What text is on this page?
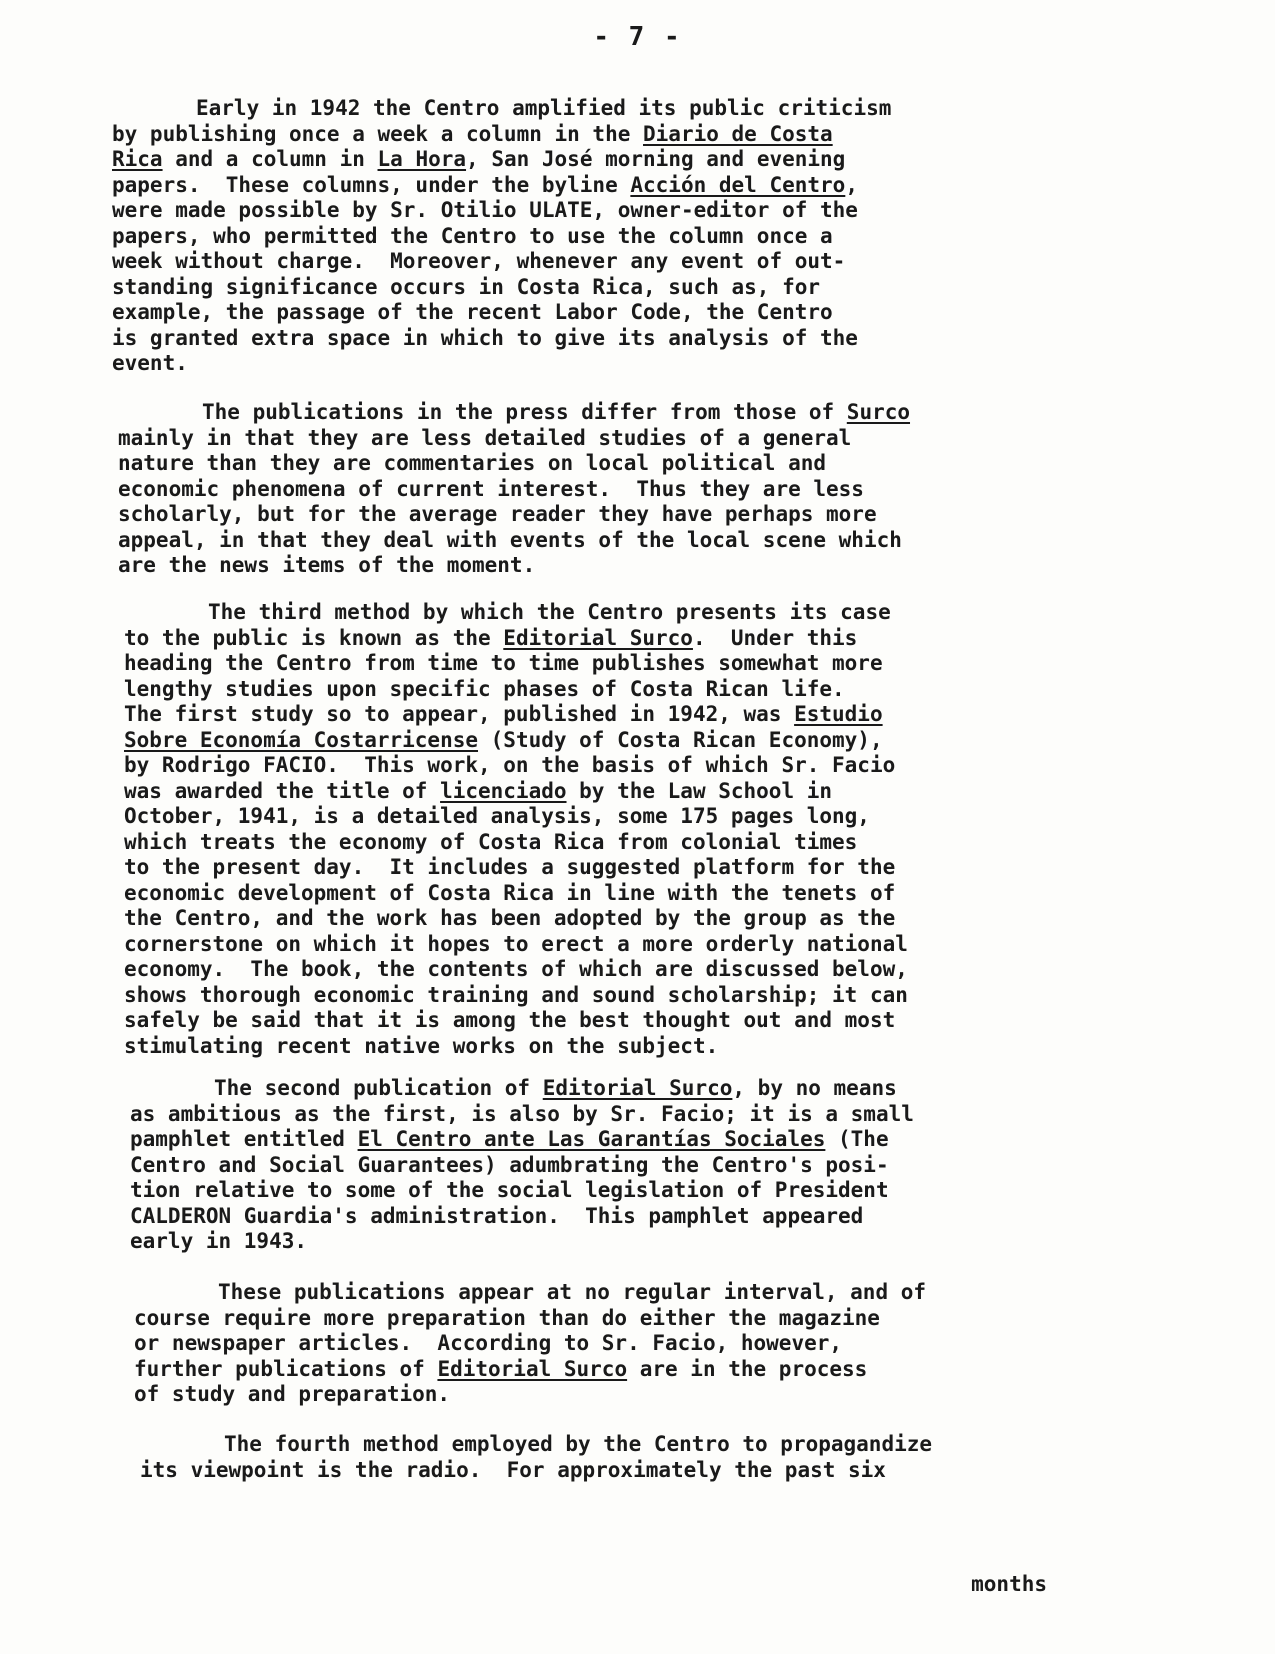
- 7 -

Early in 1942 the Centro amplified its public criticism
by publishing once a week a column in the Diario de Costa
Rica and a column in La Hora, San José morning and evening
papers.  These columns, under the byline Acción del Centro,
were made possible by Sr. Otilio ULATE, owner-editor of the
papers, who permitted the Centro to use the column once a
week without charge.  Moreover, whenever any event of out-
standing significance occurs in Costa Rica, such as, for
example, the passage of the recent Labor Code, the Centro
is granted extra space in which to give its analysis of the
event.

The publications in the press differ from those of Surco
mainly in that they are less detailed studies of a general
nature than they are commentaries on local political and
economic phenomena of current interest.  Thus they are less
scholarly, but for the average reader they have perhaps more
appeal, in that they deal with events of the local scene which
are the news items of the moment.

The third method by which the Centro presents its case
to the public is known as the Editorial Surco.  Under this
heading the Centro from time to time publishes somewhat more
lengthy studies upon specific phases of Costa Rican life.
The first study so to appear, published in 1942, was Estudio
Sobre Economía Costarricense (Study of Costa Rican Economy),
by Rodrigo FACIO.  This work, on the basis of which Sr. Facio
was awarded the title of licenciado by the Law School in
October, 1941, is a detailed analysis, some 175 pages long,
which treats the economy of Costa Rica from colonial times
to the present day.  It includes a suggested platform for the
economic development of Costa Rica in line with the tenets of
the Centro, and the work has been adopted by the group as the
cornerstone on which it hopes to erect a more orderly national
economy.  The book, the contents of which are discussed below,
shows thorough economic training and sound scholarship; it can
safely be said that it is among the best thought out and most
stimulating recent native works on the subject.

The second publication of Editorial Surco, by no means
as ambitious as the first, is also by Sr. Facio; it is a small
pamphlet entitled El Centro ante Las Garantías Sociales (The
Centro and Social Guarantees) adumbrating the Centro's posi-
tion relative to some of the social legislation of President
CALDERON Guardia's administration.  This pamphlet appeared
early in 1943.

These publications appear at no regular interval, and of
course require more preparation than do either the magazine
or newspaper articles.  According to Sr. Facio, however,
further publications of Editorial Surco are in the process
of study and preparation.

The fourth method employed by the Centro to propagandize
its viewpoint is the radio.  For approximately the past six

months
